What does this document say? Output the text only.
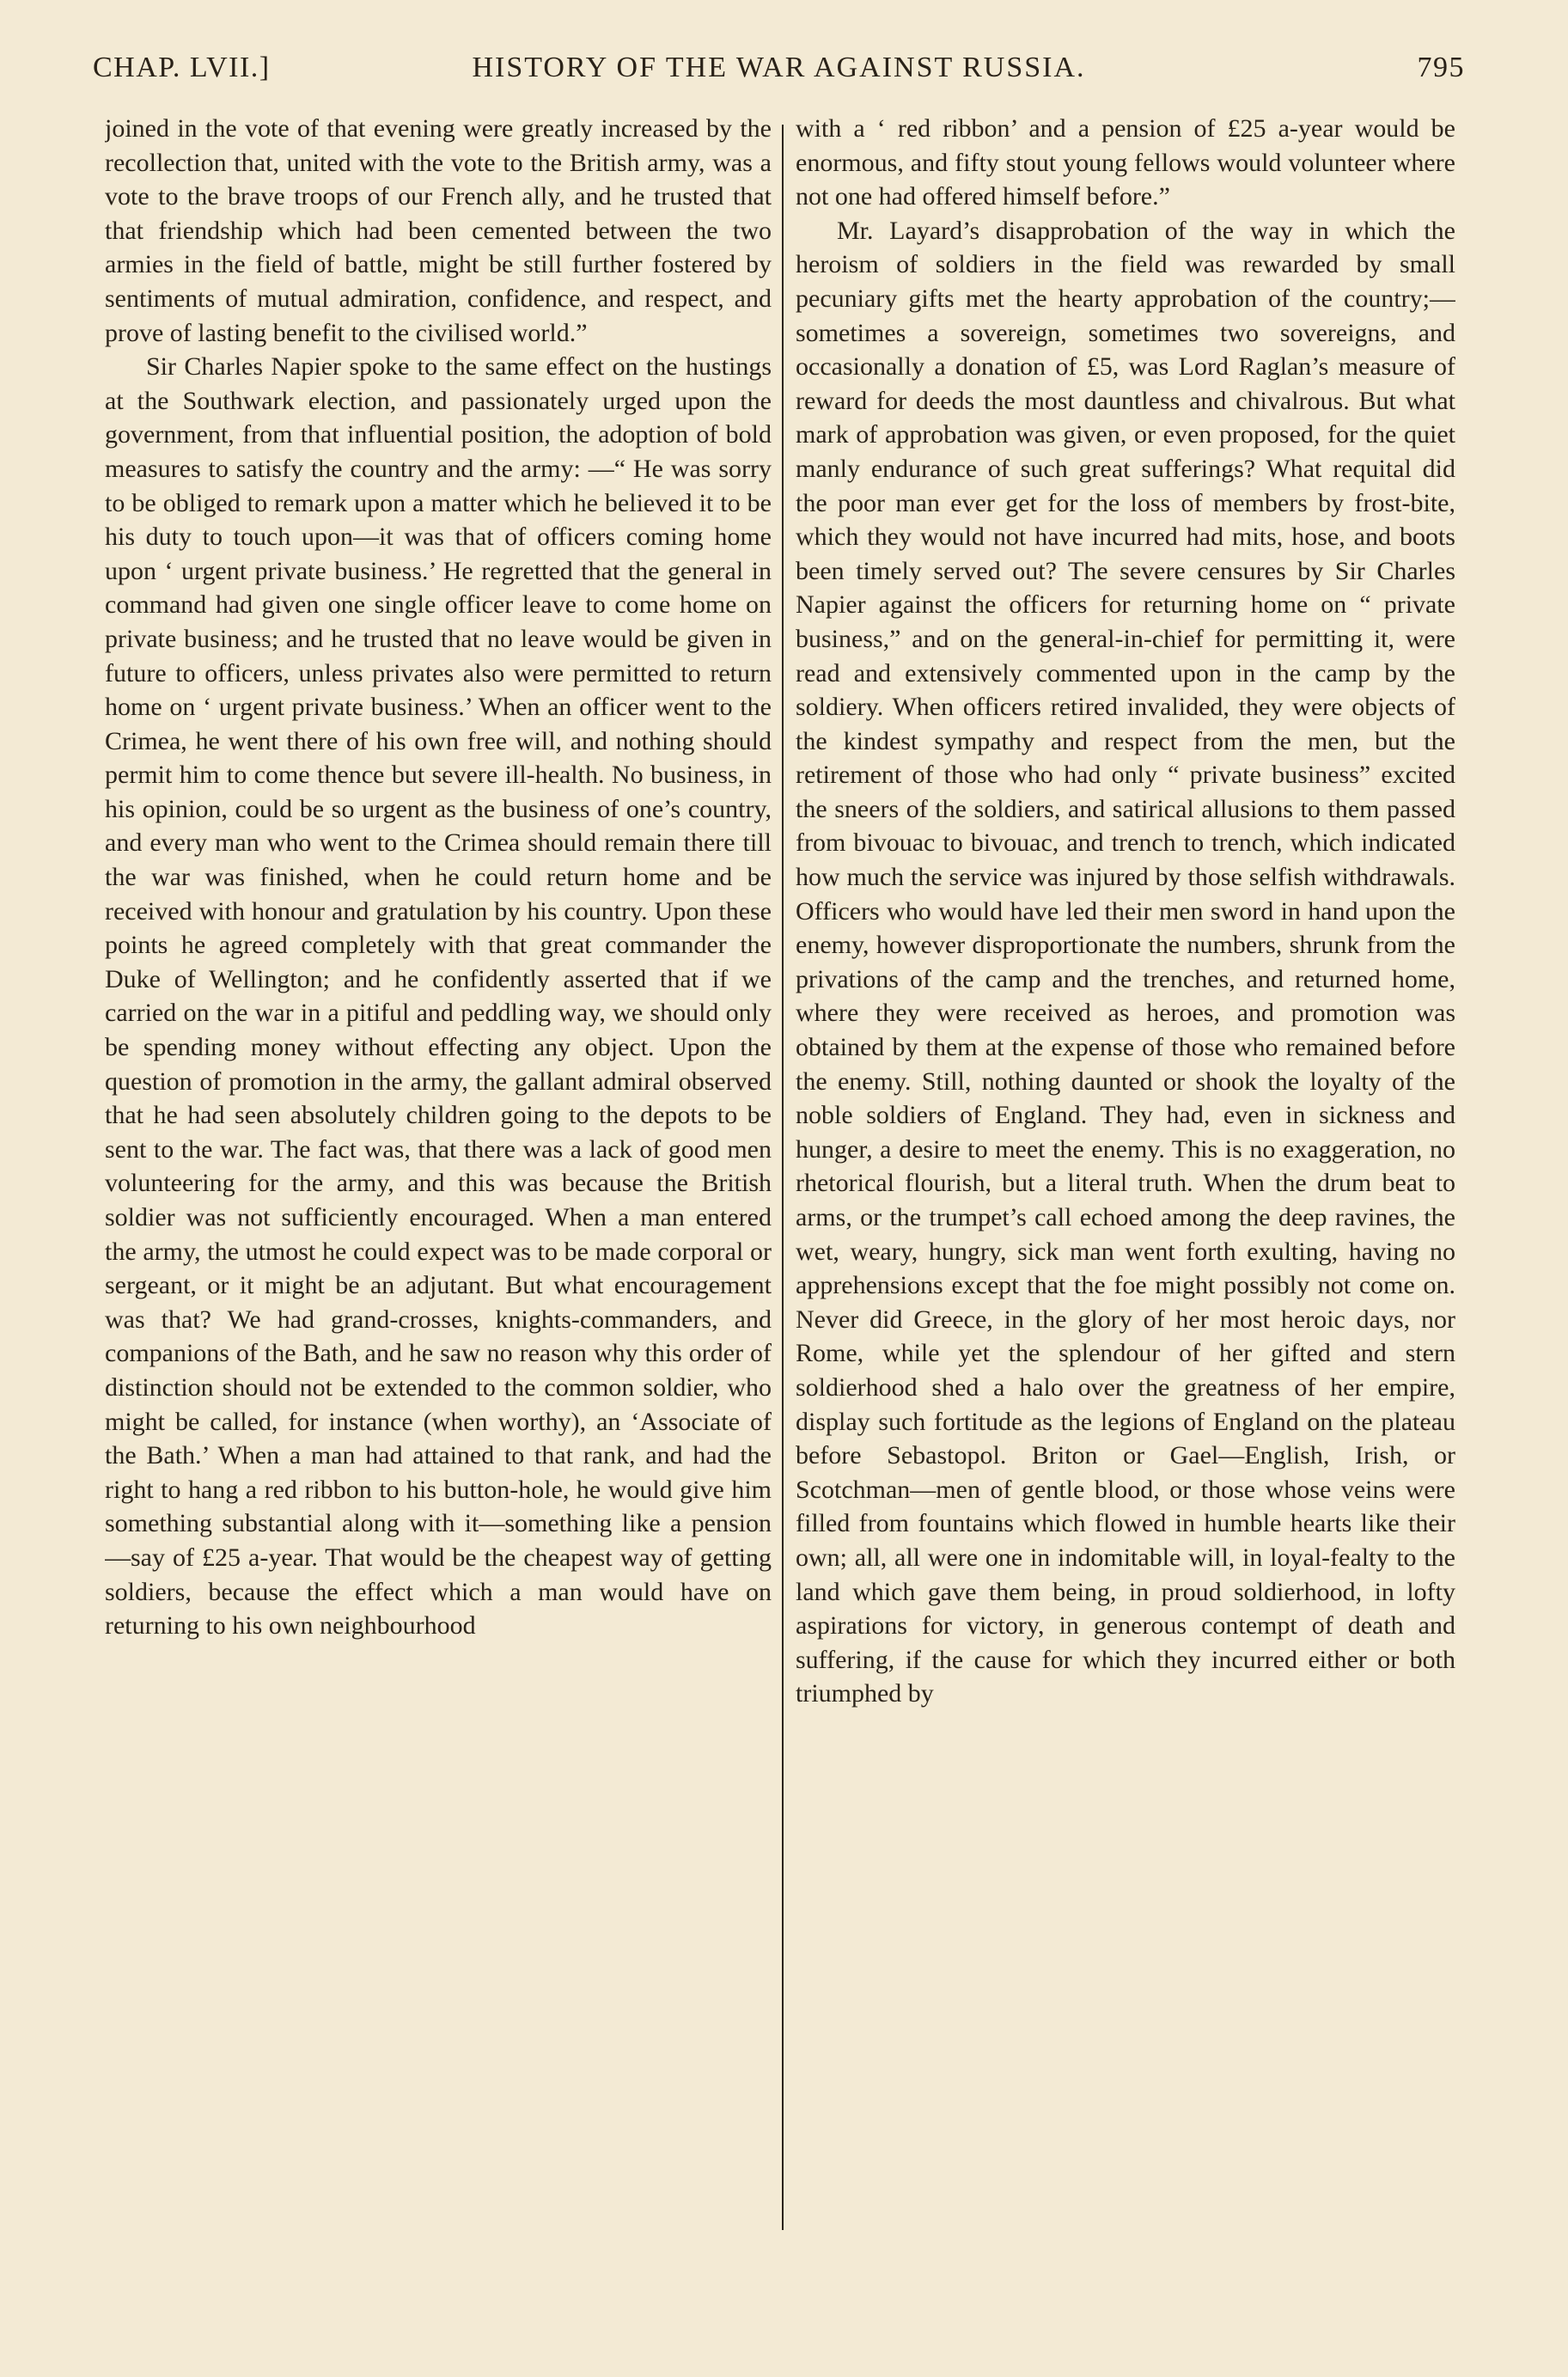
CHAP. LVII.]	HISTORY OF THE WAR AGAINST RUSSIA.	795

joined in the vote of that evening were greatly increased by the recollection that, united with the vote to the British army, was a vote to the brave troops of our French ally, and he trusted that that friendship which had been cemented between the two armies in the field of battle, might be still further fostered by sentiments of mutual admiration, confidence, and respect, and prove of lasting benefit to the civilised world.”

Sir Charles Napier spoke to the same effect on the hustings at the Southwark election, and passionately urged upon the government, from that influential position, the adoption of bold measures to satisfy the country and the army: —“ He was sorry to be obliged to remark upon a matter which he believed it to be his duty to touch upon—it was that of officers coming home upon ‘ urgent private business.’ He regretted that the general in command had given one single officer leave to come home on private business; and he trusted that no leave would be given in future to officers, unless privates also were permitted to return home on ‘ urgent private business.’ When an officer went to the Crimea, he went there of his own free will, and nothing should permit him to come thence but severe ill-health. No business, in his opinion, could be so urgent as the business of one’s country, and every man who went to the Crimea should remain there till the war was finished, when he could return home and be received with honour and gratulation by his country. Upon these points he agreed completely with that great commander the Duke of Wellington; and he confidently asserted that if we carried on the war in a pitiful and peddling way, we should only be spending money without effecting any object. Upon the question of promotion in the army, the gallant admiral observed that he had seen absolutely children going to the depots to be sent to the war. The fact was, that there was a lack of good men volunteering for the army, and this was because the British soldier was not sufficiently encouraged. When a man entered the army, the utmost he could expect was to be made corporal or sergeant, or it might be an adjutant. But what encouragement was that? We had grand-crosses, knights-commanders, and companions of the Bath, and he saw no reason why this order of distinction should not be extended to the common soldier, who might be called, for instance (when worthy), an ‘Associate of the Bath.’ When a man had attained to that rank, and had the right to hang a red ribbon to his button-hole, he would give him something substantial along with it—something like a pension—say of £25 a-year. That would be the cheapest way of getting soldiers, because the effect which a man would have on returning to his own neighbourhood

with a ‘ red ribbon’ and a pension of £25 a-year would be enormous, and fifty stout young fellows would volunteer where not one had offered himself before.”

Mr. Layard’s disapprobation of the way in which the heroism of soldiers in the field was rewarded by small pecuniary gifts met the hearty approbation of the country;—sometimes a sovereign, sometimes two sovereigns, and occasionally a donation of £5, was Lord Raglan’s measure of reward for deeds the most dauntless and chivalrous. But what mark of approbation was given, or even proposed, for the quiet manly endurance of such great sufferings? What requital did the poor man ever get for the loss of members by frost-bite, which they would not have incurred had mits, hose, and boots been timely served out? The severe censures by Sir Charles Napier against the officers for returning home on “ private business,” and on the general-in-chief for permitting it, were read and extensively commented upon in the camp by the soldiery. When officers retired invalided, they were objects of the kindest sympathy and respect from the men, but the retirement of those who had only “ private business” excited the sneers of the soldiers, and satirical allusions to them passed from bivouac to bivouac, and trench to trench, which indicated how much the service was injured by those selfish withdrawals. Officers who would have led their men sword in hand upon the enemy, however disproportionate the numbers, shrunk from the privations of the camp and the trenches, and returned home, where they were received as heroes, and promotion was obtained by them at the expense of those who remained before the enemy. Still, nothing daunted or shook the loyalty of the noble soldiers of England. They had, even in sickness and hunger, a desire to meet the enemy. This is no exaggeration, no rhetorical flourish, but a literal truth. When the drum beat to arms, or the trumpet’s call echoed among the deep ravines, the wet, weary, hungry, sick man went forth exulting, having no apprehensions except that the foe might possibly not come on. Never did Greece, in the glory of her most heroic days, nor Rome, while yet the splendour of her gifted and stern soldierhood shed a halo over the greatness of her empire, display such fortitude as the legions of England on the plateau before Sebastopol. Briton or Gael—English, Irish, or Scotchman—men of gentle blood, or those whose veins were filled from fountains which flowed in humble hearts like their own; all, all were one in indomitable will, in loyal-fealty to the land which gave them being, in proud soldierhood, in lofty aspirations for victory, in generous contempt of death and suffering, if the cause for which they incurred either or both triumphed by
